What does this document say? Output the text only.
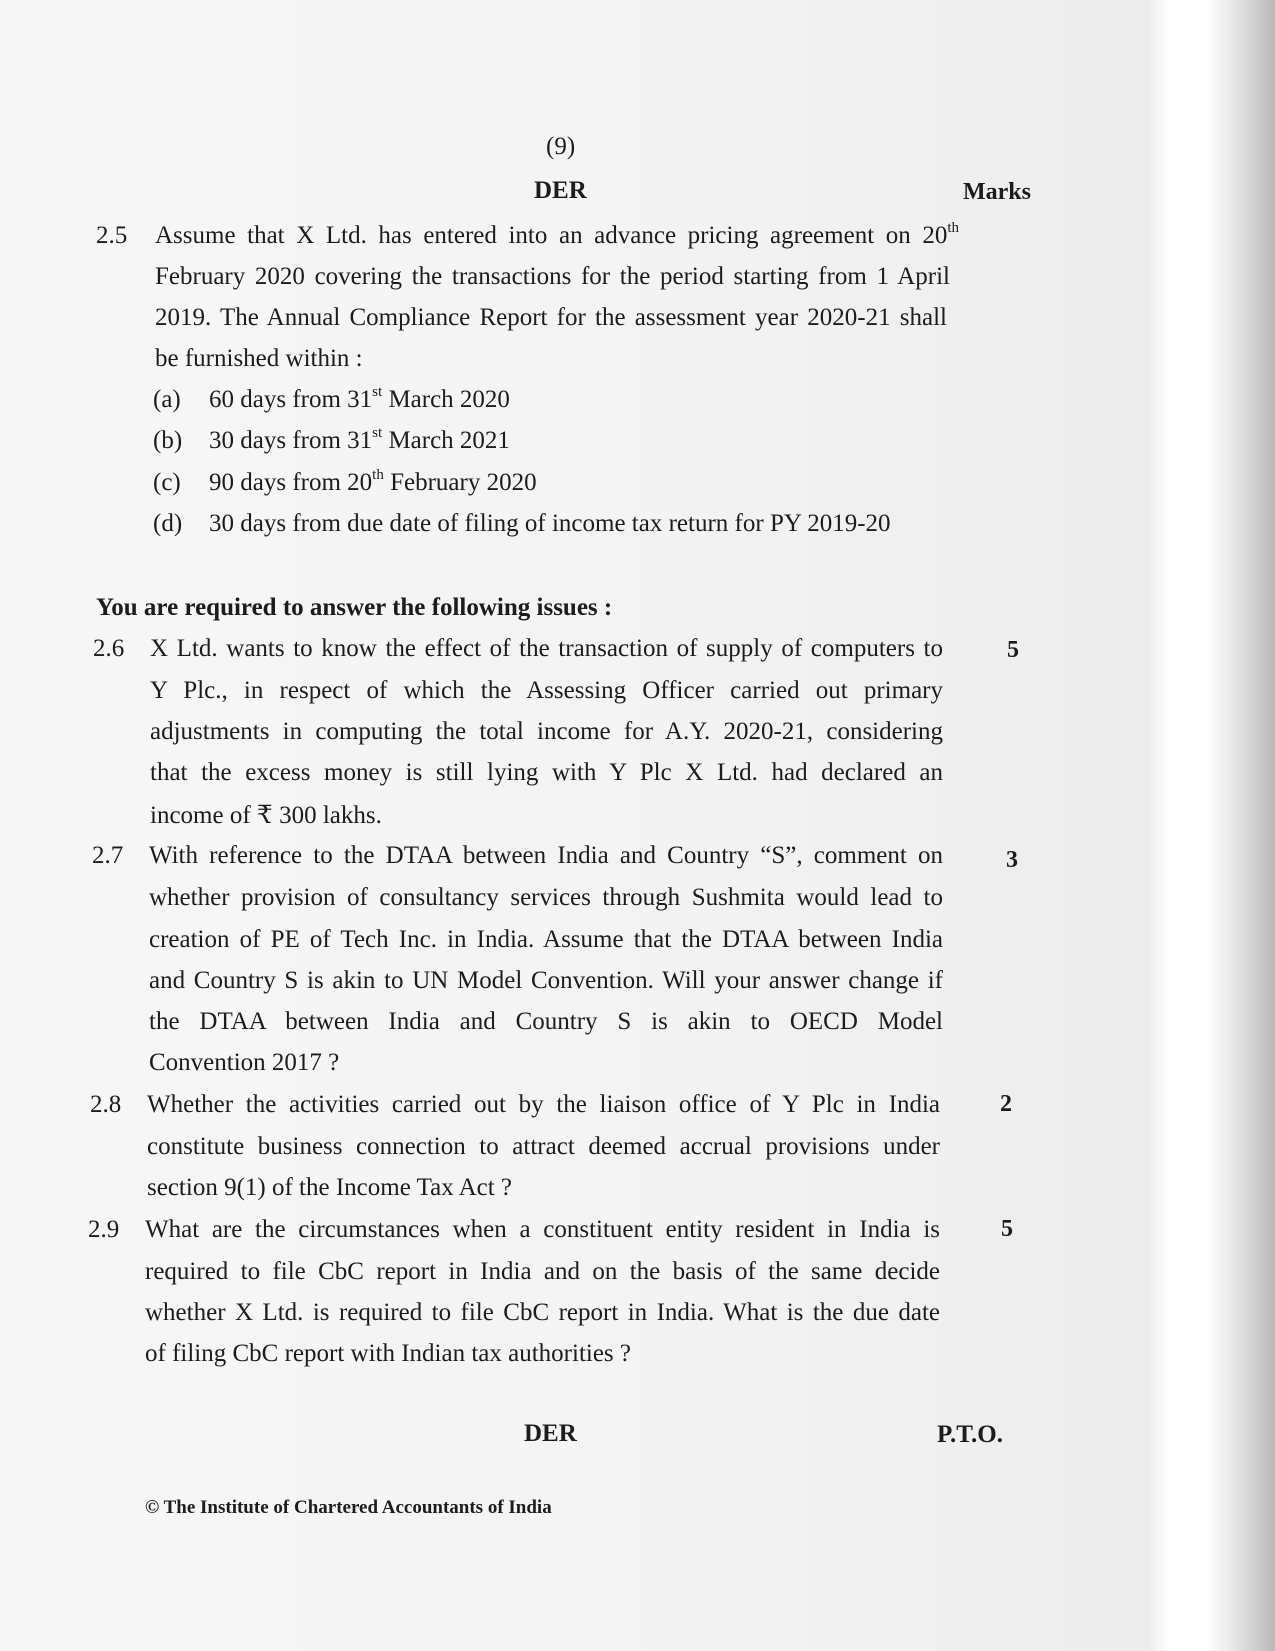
(9)
DER	Marks
2.5 Assume that X Ltd. has entered into an advance pricing agreement on 20th
February 2020 covering the transactions for the period starting from 1 April
2019. The Annual Compliance Report for the assessment year 2020-21 shall
be furnished within :
(a) 60 days from 31st March 2020
(b) 30 days from 31st March 2021
(c) 90 days from 20th February 2020
(d) 30 days from due date of filing of income tax return for PY 2019-20
You are required to answer the following issues :
2.6 X Ltd. wants to know the effect of the transaction of supply of computers to
Y Plc., in respect of which the Assessing Officer carried out primary
adjustments in computing the total income for A.Y. 2020-21, considering
that the excess money is still lying with Y Plc X Ltd. had declared an
income of ₹ 300 lakhs.
5
2.7 With reference to the DTAA between India and Country “S”, comment on
whether provision of consultancy services through Sushmita would lead to
creation of PE of Tech Inc. in India. Assume that the DTAA between India
and Country S is akin to UN Model Convention. Will your answer change if
the DTAA between India and Country S is akin to OECD Model
Convention 2017 ?
3
2.8 Whether the activities carried out by the liaison office of Y Plc in India
constitute business connection to attract deemed accrual provisions under
section 9(1) of the Income Tax Act ?
2
2.9 What are the circumstances when a constituent entity resident in India is
required to file CbC report in India and on the basis of the same decide
whether X Ltd. is required to file CbC report in India. What is the due date
of filing CbC report with Indian tax authorities ?
5
DER	P.T.O.
© The Institute of Chartered Accountants of India
